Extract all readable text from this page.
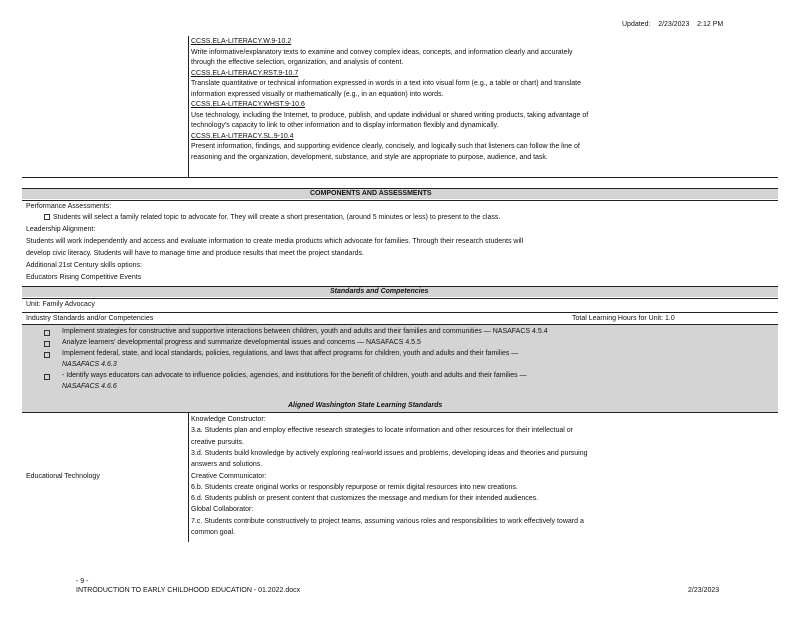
Updated: 2/23/2023 2:12 PM
CCSS.ELA-LITERACY.W.9-10.2
Write informative/explanatory texts to examine and convey complex ideas, concepts, and information clearly and accurately
through the effective selection, organization, and analysis of content.
CCSS.ELA-LITERACY.RST.9-10.7
Translate quantitative or technical information expressed in words in a text into visual form (e.g., a table or chart) and translate
information expressed visually or mathematically (e.g., in an equation) into words.
CCSS.ELA-LITERACY.WHST.9-10.6
Use technology, including the Internet, to produce, publish, and update individual or shared writing products, taking advantage of
technology's capacity to link to other information and to display information flexibly and dynamically.
CCSS.ELA-LITERACY.SL.9-10.4
Present information, findings, and supporting evidence clearly, concisely, and logically such that listeners can follow the line of
reasoning and the organization, development, substance, and style are appropriate to purpose, audience, and task.
COMPONENTS AND ASSESSMENTS
Performance Assessments:
Students will select a family related topic to advocate for. They will create a short presentation, (around 5 minutes or less) to present to the class.
Leadership Alignment:
Students will work independently and access and evaluate information to create media products which advocate for families. Through their research students will
develop civic literacy. Students will have to manage time and produce results that meet the project standards.
Additional 21st Century skills options:
Educators Rising Competitive Events
Standards and Competencies
Unit: Family Advocacy
Industry Standards and/or Competencies	Total Learning Hours for Unit: 1.0
Implement strategies for constructive and supportive interactions between children, youth and adults and their families and communities — NASAFACS 4.5.4
Analyze learners' developmental progress and summarize developmental issues and concerns — NASAFACS 4.5.5
Implement federal, state, and local standards, policies, regulations, and laws that affect programs for children, youth and adults and their families —
NASAFACS 4.6.3
- Identify ways educators can advocate to influence policies, agencies, and institutions for the benefit of children, youth and adults and their families —
NASAFACS 4.6.6
Aligned Washington State Learning Standards
Educational Technology
Knowledge Constructor:
3.a. Students plan and employ effective research strategies to locate information and other resources for their intellectual or
creative pursuits.
3.d. Students build knowledge by actively exploring real-world issues and problems, developing ideas and theories and pursuing
answers and solutions.
Creative Communicator:
6.b. Students create original works or responsibly repurpose or remix digital resources into new creations.
6.d. Students publish or present content that customizes the message and medium for their intended audiences.
Global Collaborator:
7.c. Students contribute constructively to project teams, assuming various roles and responsibilities to work effectively toward a
common goal.
- 9 -
INTRODUCTION TO EARLY CHILDHOOD EDUCATION - 01.2022.docx	2/23/2023
